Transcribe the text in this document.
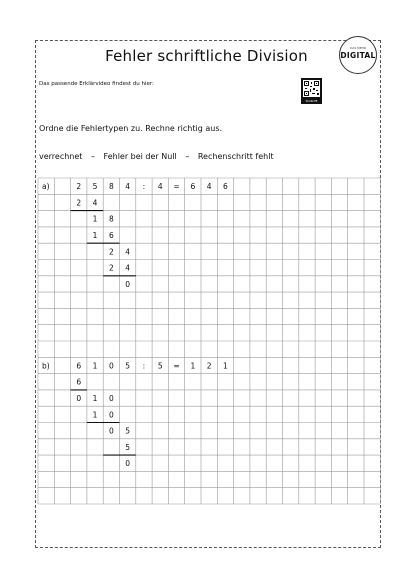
Fehler schriftliche Division	DAS MEHR
DIGITAL
Das passende Erklärvideo findest du hier:
SCAN ME
Ordne die Fehlertypen zu. Rechne richtig aus.
verrechnet – Fehler bei der Null – Rechenschritt fehlt
a)	2 5 8 4 : 4 = 6 4 6
2 4
1 8
1 6
2 4
2 4
0
b)	6 1 0 5 : 5 = 1 2 1
6
0 1 0
1 0
0 5
5
0
